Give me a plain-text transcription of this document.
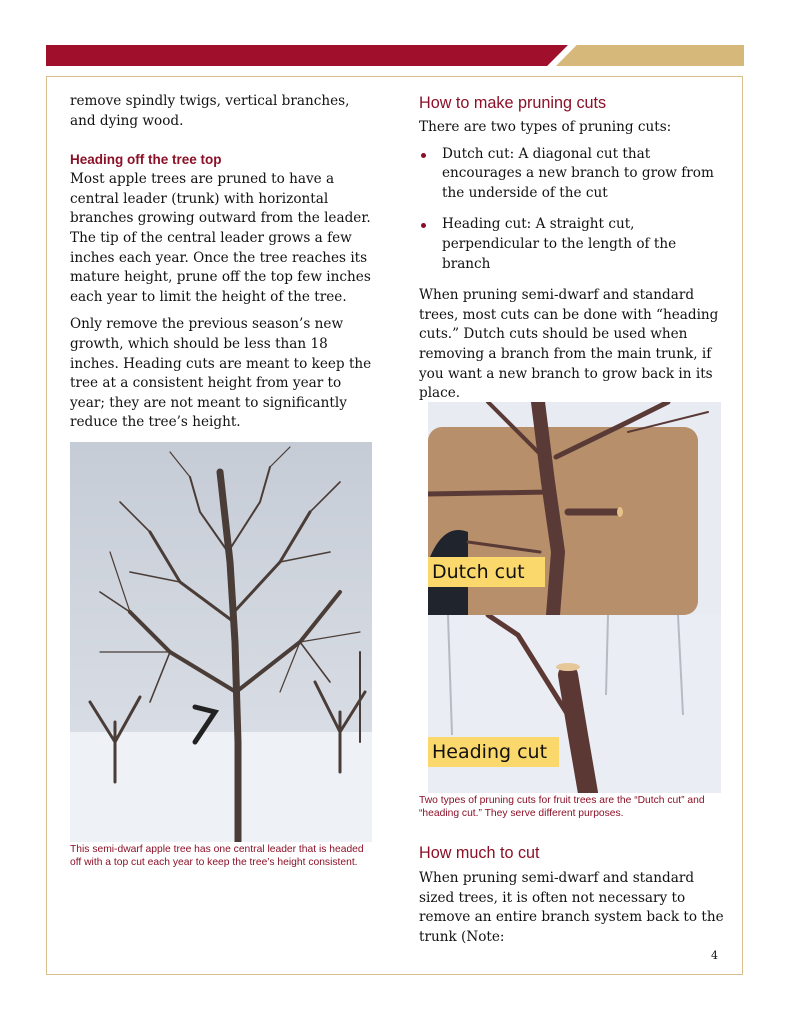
remove spindly twigs, vertical branches, and dying wood.

Heading off the tree top

Most apple trees are pruned to have a central leader (trunk) with horizontal branches growing outward from the leader. The tip of the central leader grows a few inches each year. Once the tree reaches its mature height, prune off the top few inches each year to limit the height of the tree.

Only remove the previous season’s new growth, which should be less than 18 inches. Heading cuts are meant to keep the tree at a consistent height from year to year; they are not meant to significantly reduce the tree’s height.

This semi-dwarf apple tree has one central leader that is headed off with a top cut each year to keep the tree’s height consistent.

How to make pruning cuts

There are two types of pruning cuts:

Dutch cut: A diagonal cut that encourages a new branch to grow from the underside of the cut
Heading cut: A straight cut, perpendicular to the length of the branch

When pruning semi-dwarf and standard trees, most cuts can be done with “heading cuts.” Dutch cuts should be used when removing a branch from the main trunk, if you want a new branch to grow back in its place.

Dutch cut
Heading cut

Two types of pruning cuts for fruit trees are the “Dutch cut” and “heading cut.” They serve different purposes.

How much to cut

When pruning semi-dwarf and standard sized trees, it is often not necessary to remove an entire branch system back to the trunk (Note:

4
